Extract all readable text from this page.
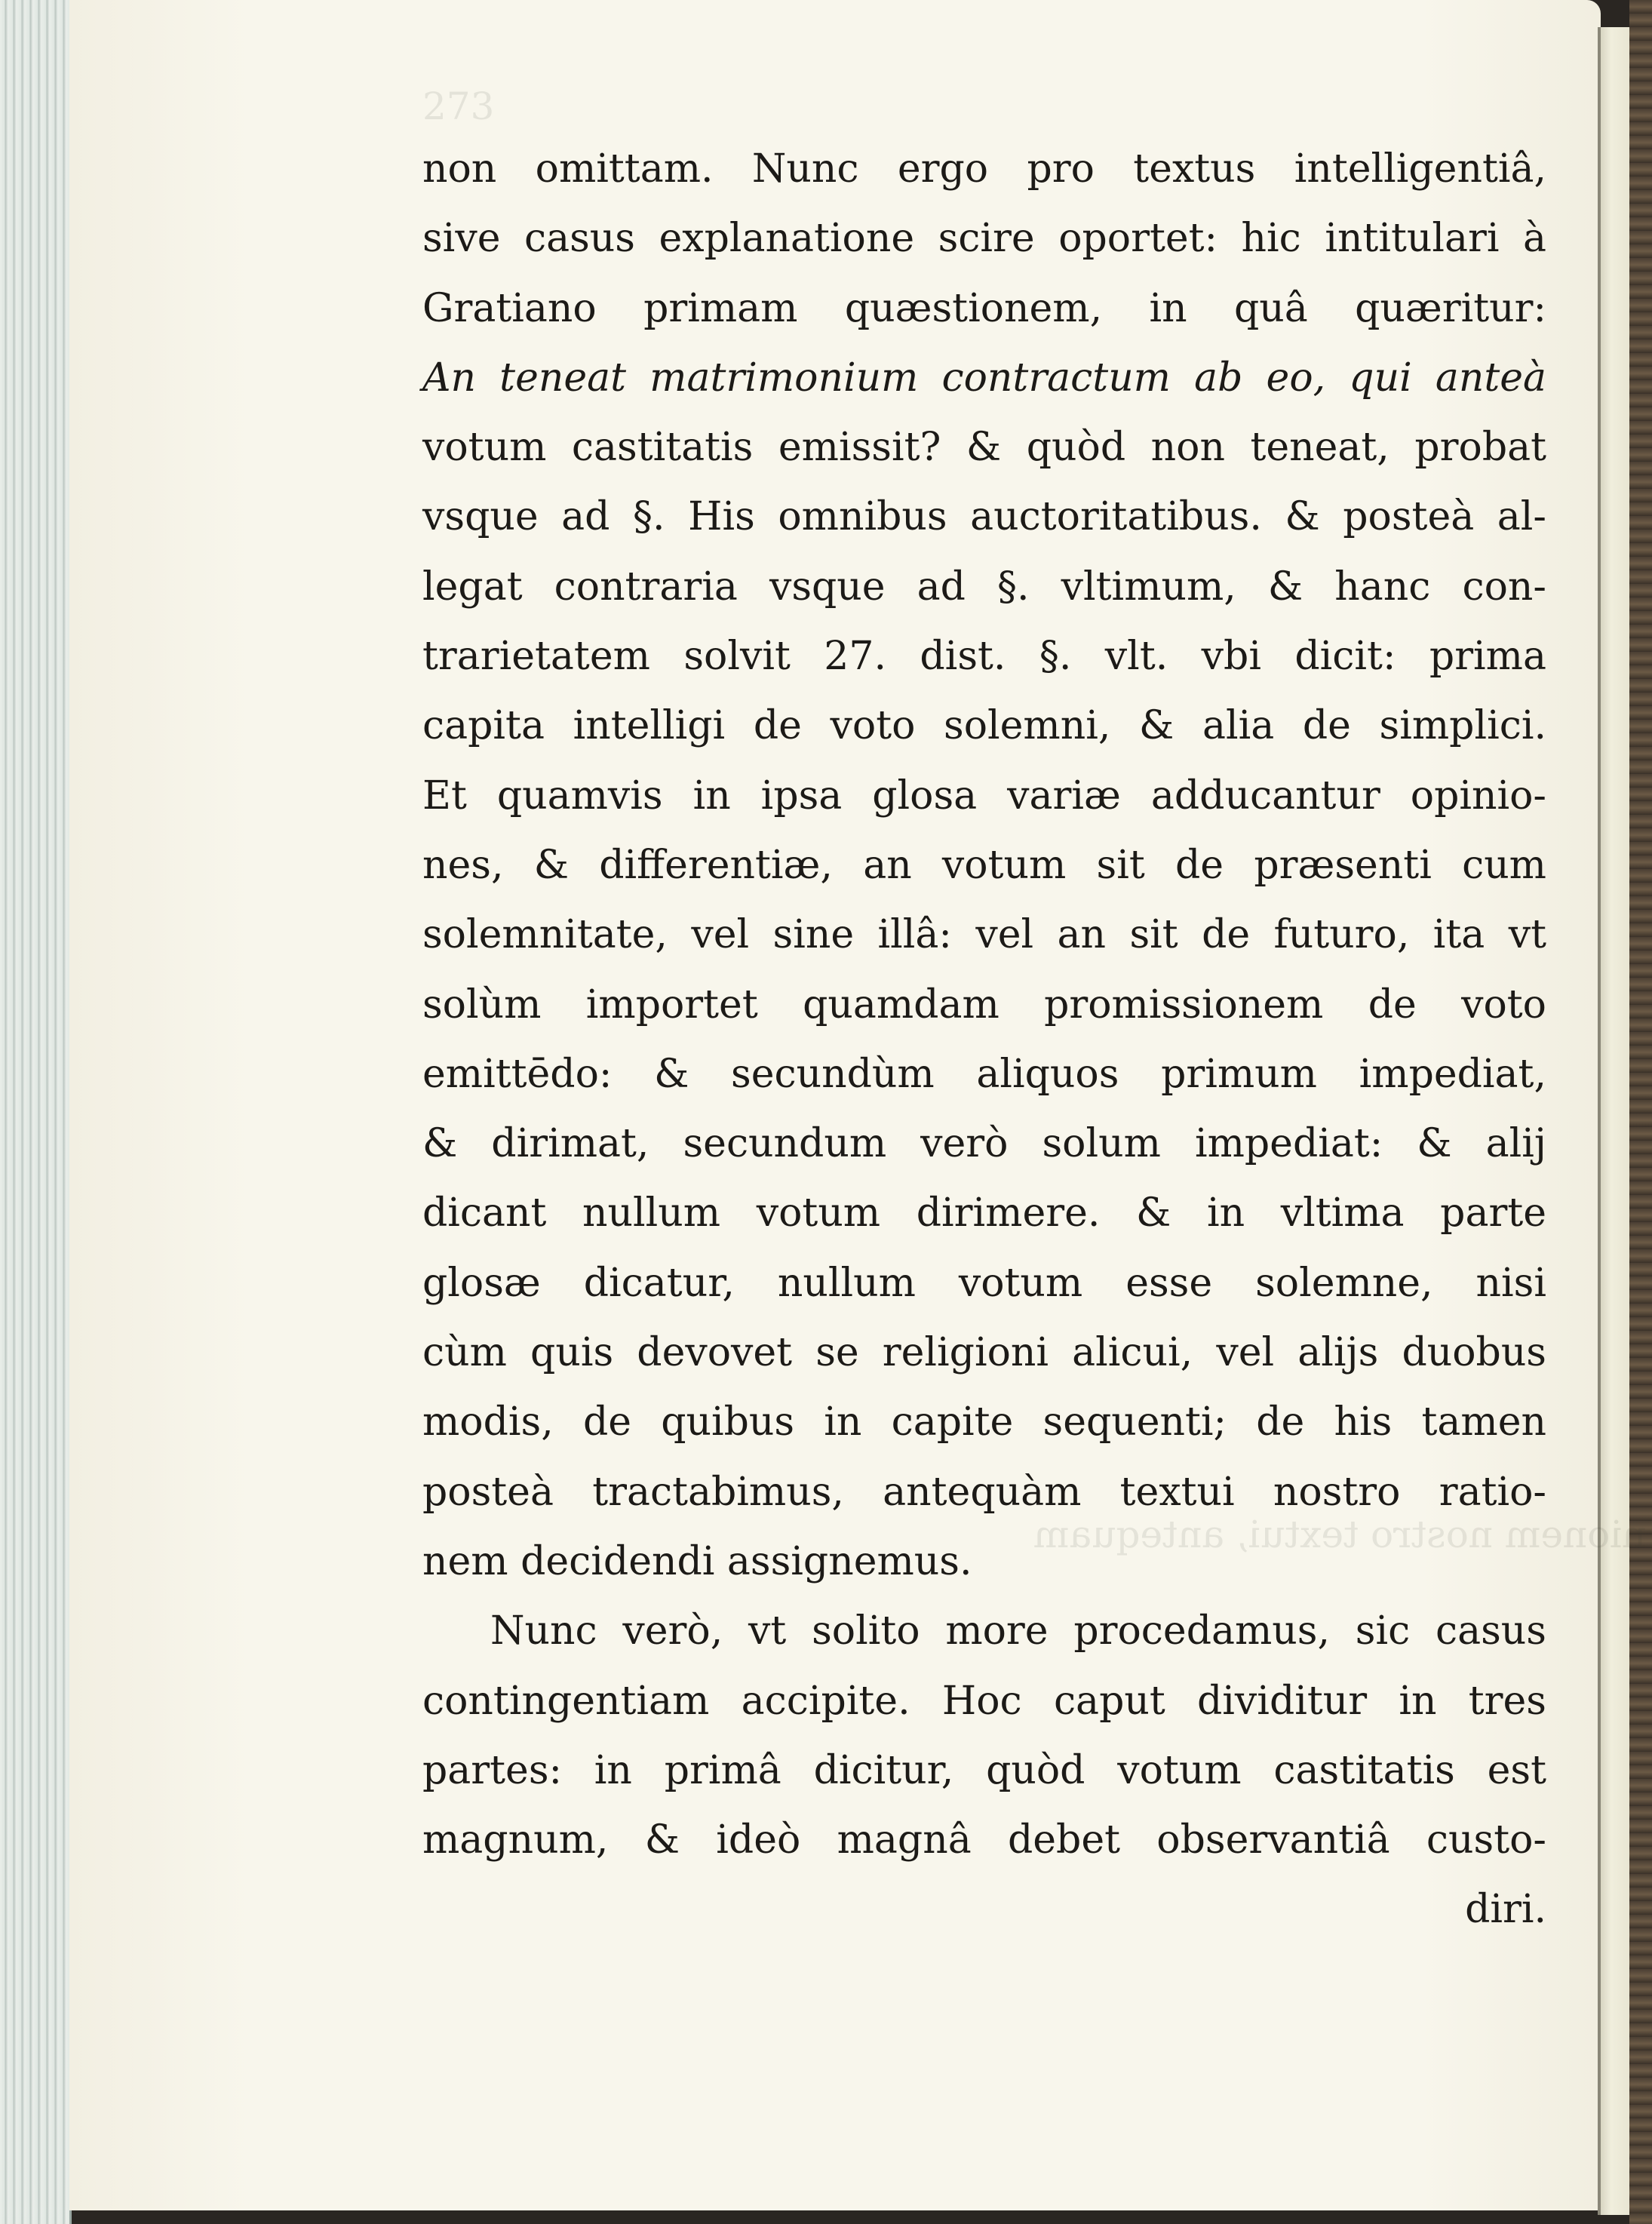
273
nionem nostro textui, antequam
non omittam. Nunc ergo pro textus intelligentiâ,
sive casus explanatione scire oportet: hic intitulari à
Gratiano primam quæstionem, in quâ quæritur:
An teneat matrimonium contractum ab eo, qui anteà
votum castitatis emissit? & quòd non teneat, probat
vsque ad §. His omnibus auctoritatibus. & posteà al-
legat contraria vsque ad §. vltimum, & hanc con-
trarietatem solvit 27. dist. §. vlt. vbi dicit: prima
capita intelligi de voto solemni, & alia de simplici.
Et quamvis in ipsa glosa variæ adducantur opinio-
nes, & differentiæ, an votum sit de præsenti cum
solemnitate, vel sine illâ: vel an sit de futuro, ita vt
solùm importet quamdam promissionem de voto
emittēdo: & secundùm aliquos primum impediat,
& dirimat, secundum verò solum impediat: & alij
dicant nullum votum dirimere. & in vltima parte
glosæ dicatur, nullum votum esse solemne, nisi
cùm quis devovet se religioni alicui, vel alijs duobus
modis, de quibus in capite sequenti; de his tamen
posteà tractabimus, antequàm textui nostro ratio-
nem decidendi assignemus.
Nunc verò, vt solito more procedamus, sic casus
contingentiam accipite. Hoc caput dividitur in tres
partes: in primâ dicitur, quòd votum castitatis est
magnum, & ideò magnâ debet observantiâ custo-
diri.
